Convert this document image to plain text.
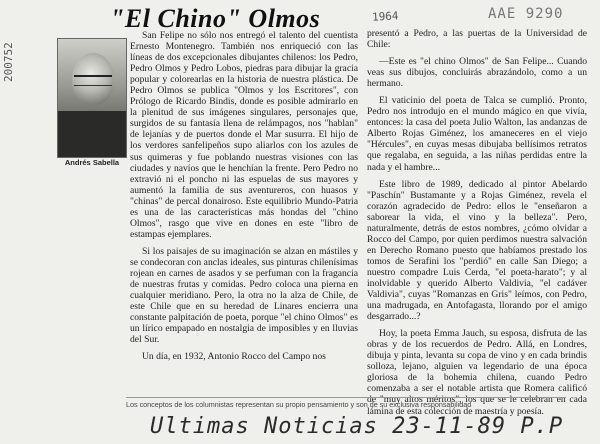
"El Chino" Olmos	1964	AAE 9290
200752
Andrés Sabella

San Felipe no sólo nos entregó el talento del cuentista Ernesto Montenegro. También nos enriqueció con las líneas de dos excepcionales dibujantes chilenos: los Pedro, Pedro Olmos y Pedro Lobos, piedras para dibujar la gracia popular y colorearlas en la historia de nuestra plástica. De Pedro Olmos se publica "Olmos y los Escritores", con Prólogo de Ricardo Bindis, donde es posible admirarlo en la plenitud de sus imágenes singulares, personajes que, surgidos de su fantasía llena de relámpagos, nos "hablan" de lejanías y de puertos donde el Mar susurra. El hijo de los verdores sanfelipeños supo aliarlos con los azules de sus quimeras y fue poblando nuestras visiones con las ciudades y navíos que le henchían la frente. Pero Pedro no extravió ni el poncho ni las espuelas de sus mayores y aumentó la familia de sus aventureros, con huasos y "chinas" de percal donairoso. Este equilibrio Mundo-Patria es una de las características más hondas del "chino Olmos", rasgo que vive en dones en este "libro de estampas ejemplares.

Si los paisajes de su imaginación se alzan en mástiles y se condecoran con anclas ideales, sus pinturas chilenísimas rojean en carnes de asados y se perfuman con la fragancia de nuestras frutas y comidas. Pedro coloca una pierna en cualquier meridiano. Pero, la otra no la alza de Chile, de este Chile que en su heredad de Linares encierra una constante palpitación de poeta, porque "el chino Olmos" es un lírico empapado en nostalgia de imposibles y en lluvias del Sur.

Un día, en 1932, Antonio Rocco del Campo nos

presentó a Pedro, a las puertas de la Universidad de Chile:

—Este es "el chino Olmos" de San Felipe... Cuando veas sus dibujos, concluirás abrazándolo, como a un hermano.

El vaticinio del poeta de Talca se cumplió. Pronto, Pedro nos introdujo en el mundo mágico en que vivía, entonces: la casa del poeta Julio Walton, las andanzas de Alberto Rojas Giménez, los amaneceres en el viejo "Hércules", en cuyas mesas dibujaba bellísimos retratos que regalaba, en seguida, a las niñas perdidas entre la nada y el hambre...

Este libro de 1989, dedicado al pintor Abelardo "Paschín" Bustamante y a Rojas Giménez, revela el corazón agradecido de Pedro: ellos le "enseñaron a saborear la vida, el vino y la belleza". Pero, naturalmente, detrás de estos nombres, ¿cómo olvidar a Rocco del Campo, por quien perdimos nuestra salvación en Derecho Romano puesto que habíamos prestado los tomos de Serafini los "perdió" en calle San Diego; a nuestro compadre Luis Cerda, "el poeta-harato"; y al inolvidable y querido Alberto Valdivia, "el cadáver Valdivia", cuyas "Romanzas en Gris" leímos, con Pedro, una madrugada, en Antofagasta, llorando por el amigo desgarrado...?

Hoy, la poeta Emma Jauch, su esposa, disfruta de las obras y de los recuerdos de Pedro. Allá, en Londres, dibuja y pinta, levanta su copa de vino y en cada brindis solloza, lejano, alguien va legendario de una época gloriosa de la bohemia chilena, cuando Pedro comenzaba a ser el notable artista que Romera calificó de "muy altos méritos", los que se le celebran en cada lámina de esta colección de maestría y poesía.

Los conceptos de los columnistas representan su propio pensamiento y son de su exclusiva responsabilidad
Ultimas Noticias 23-11-89 P.P
